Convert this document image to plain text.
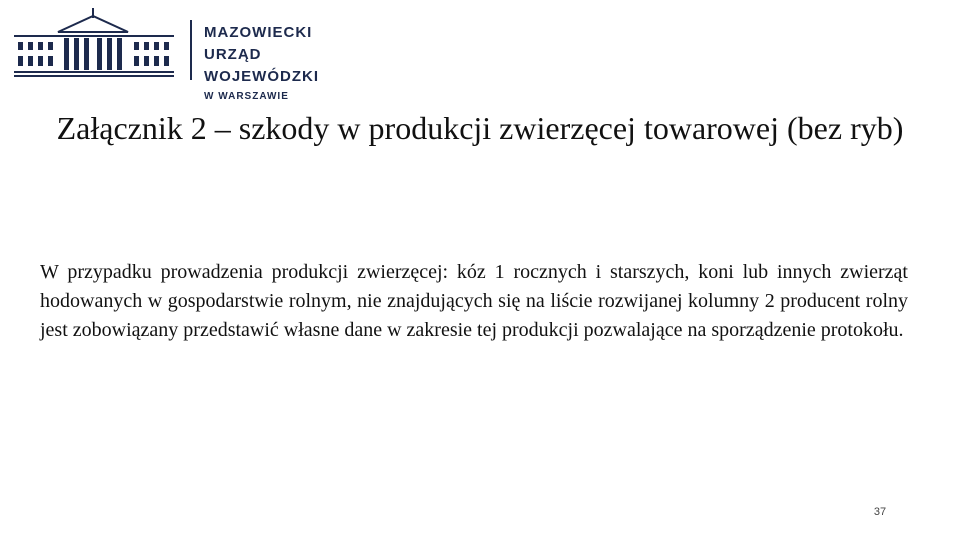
MAZOWIECKI
URZĄD WOJEWÓDZKI
W WARSZAWIE
Załącznik 2 – szkody w produkcji zwierzęcej towarowej (bez ryb)

W przypadku prowadzenia produkcji zwierzęcej: kóz 1 rocznych i starszych, koni lub innych zwierząt hodowanych w gospodarstwie rolnym, nie znajdujących się na liście rozwijanej kolumny 2 producent rolny jest zobowiązany przedstawić własne dane w zakresie tej produkcji pozwalające na sporządzenie protokołu.

37
